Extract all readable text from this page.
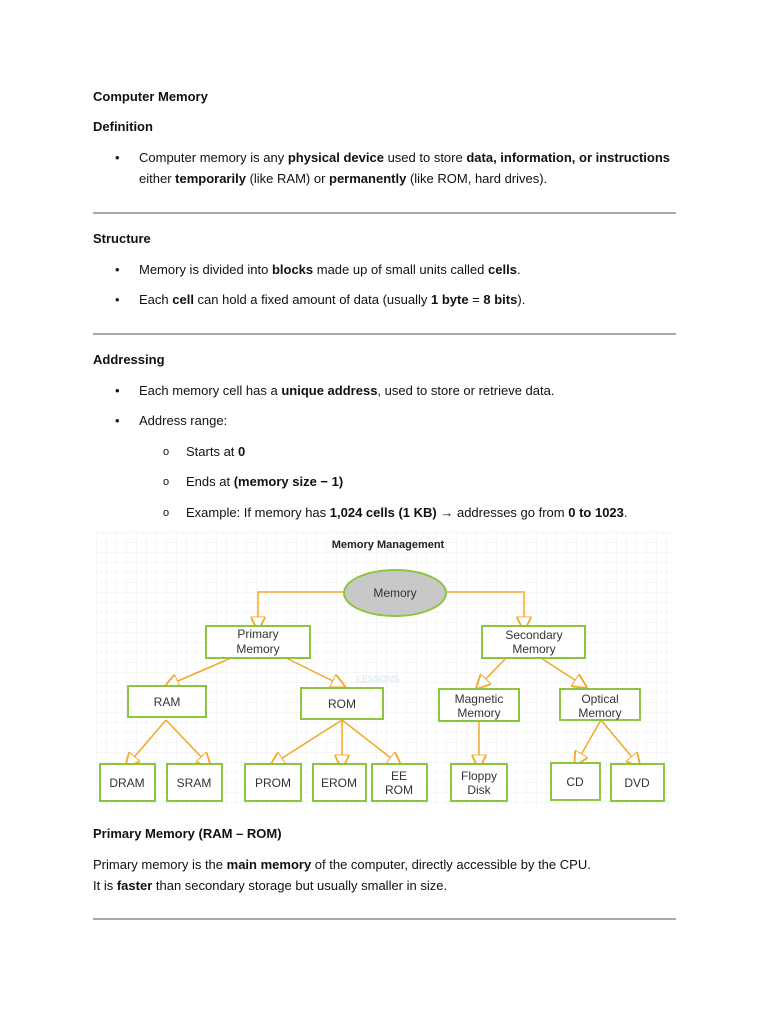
Computer Memory
Definition
•	Computer memory is any physical device used to store data, information, or instructions either temporarily (like RAM) or permanently (like ROM, hard drives).
Structure
•	Memory is divided into blocks made up of small units called cells.
•	Each cell can hold a fixed amount of data (usually 1 byte = 8 bits).
Addressing
•	Each memory cell has a unique address, used to store or retrieve data.
•	Address range:
o Starts at 0
o Ends at (memory size − 1)
o Example: If memory has 1,024 cells (1 KB) → addresses go from 0 to 1023.
Primary Memory (RAM – ROM)
Primary memory is the main memory of the computer, directly accessible by the CPU.
It is faster than secondary storage but usually smaller in size.
Memory Management
LESSONS
Memory
Primary
Memory
Secondary
Memory
RAM	ROM	Magnetic
Memory
Optical
Memory
DRAM	SRAM	PROM	EROM	EE
ROM
Floppy
Disk
CD	DVD
